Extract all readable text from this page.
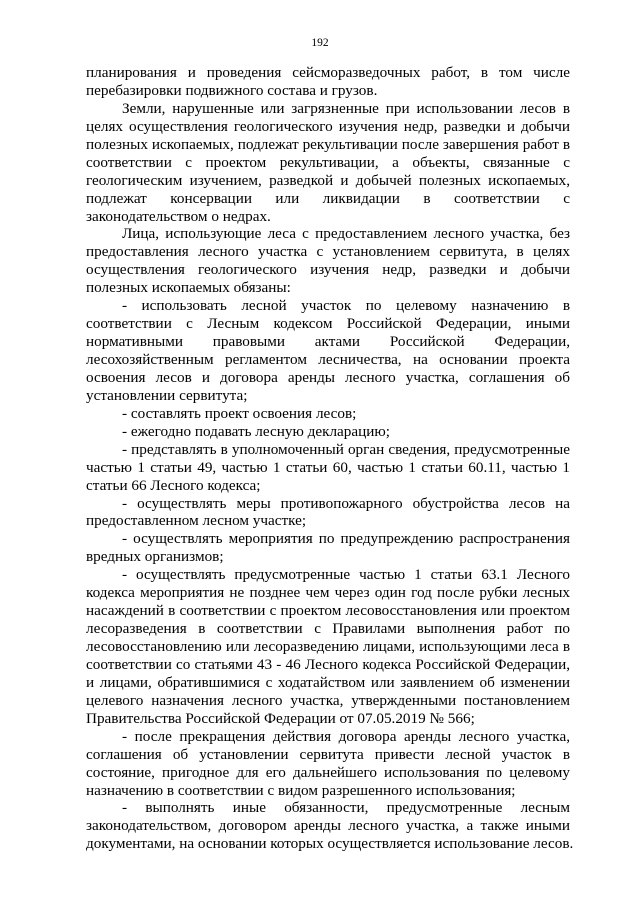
192
планирования и проведения сейсморазведочных работ, в том числе
перебазировки подвижного состава и грузов.
Земли, нарушенные или загрязненные при использовании лесов в
целях осуществления геологического изучения недр, разведки и добычи
полезных ископаемых, подлежат рекультивации после завершения работ в
соответствии с проектом рекультивации, а объекты, связанные с
геологическим изучением, разведкой и добычей полезных ископаемых,
подлежат консервации или ликвидации в соответствии с
законодательством о недрах.
Лица, использующие леса с предоставлением лесного участка, без
предоставления лесного участка с установлением сервитута, в целях
осуществления геологического изучения недр, разведки и добычи
полезных ископаемых обязаны:
- использовать лесной участок по целевому назначению в
соответствии с Лесным кодексом Российской Федерации, иными
нормативными правовыми актами Российской Федерации,
лесохозяйственным регламентом лесничества, на основании проекта
освоения лесов и договора аренды лесного участка, соглашения об
установлении сервитута;
- составлять проект освоения лесов;
- ежегодно подавать лесную декларацию;
- представлять в уполномоченный орган сведения, предусмотренные
частью 1 статьи 49, частью 1 статьи 60, частью 1 статьи 60.11, частью 1
статьи 66 Лесного кодекса;
- осуществлять меры противопожарного обустройства лесов на
предоставленном лесном участке;
- осуществлять мероприятия по предупреждению распространения
вредных организмов;
- осуществлять предусмотренные частью 1 статьи 63.1 Лесного
кодекса мероприятия не позднее чем через один год после рубки лесных
насаждений в соответствии с проектом лесовосстановления или проектом
лесоразведения в соответствии с Правилами выполнения работ по
лесовосстановлению или лесоразведению лицами, использующими леса в
соответствии со статьями 43 - 46 Лесного кодекса Российской Федерации,
и лицами, обратившимися с ходатайством или заявлением об изменении
целевого назначения лесного участка, утвержденными постановлением
Правительства Российской Федерации от 07.05.2019 № 566;
- после прекращения действия договора аренды лесного участка,
соглашения об установлении сервитута привести лесной участок в
состояние, пригодное для его дальнейшего использования по целевому
назначению в соответствии с видом разрешенного использования;
- выполнять иные обязанности, предусмотренные лесным
законодательством, договором аренды лесного участка, а также иными
документами, на основании которых осуществляется использование лесов.
